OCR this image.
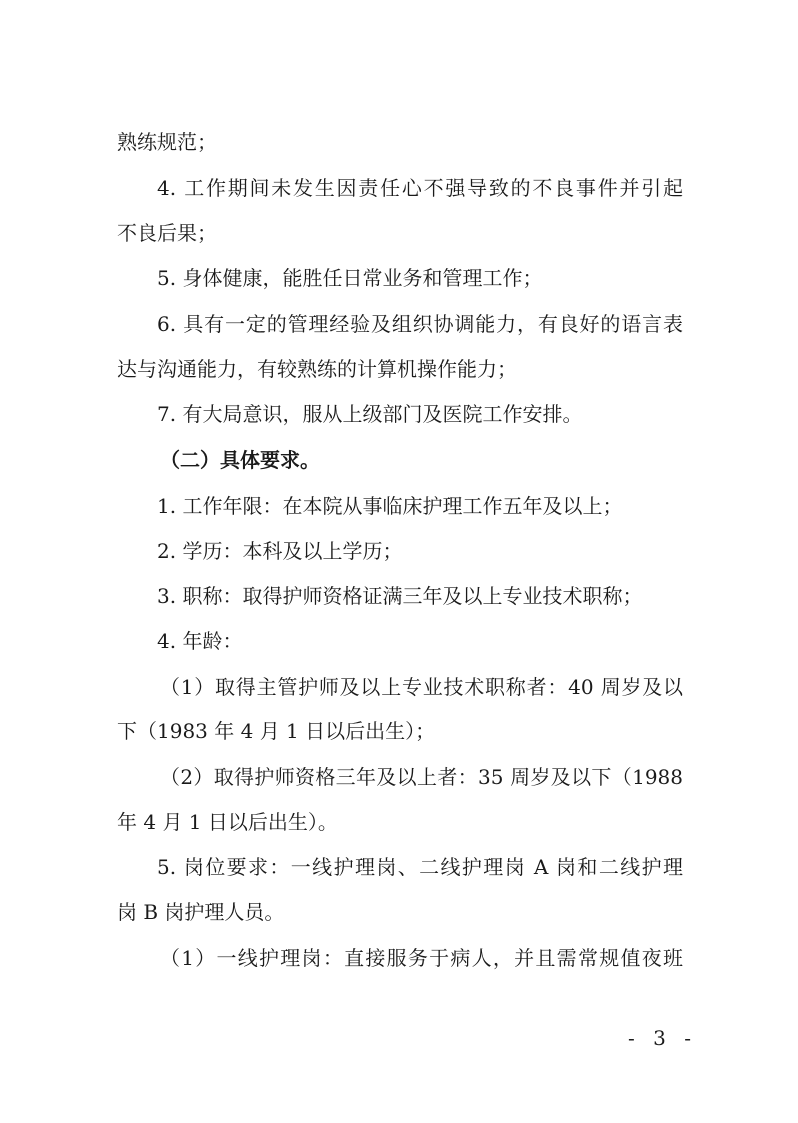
熟练规范；
4. 工作期间未发生因责任心不强导致的不良事件并引起
不良后果；
5. 身体健康，能胜任日常业务和管理工作；
6. 具有一定的管理经验及组织协调能力，有良好的语言表
达与沟通能力，有较熟练的计算机操作能力；
7. 有大局意识，服从上级部门及医院工作安排。
（二）具体要求。
1. 工作年限：在本院从事临床护理工作五年及以上；
2. 学历：本科及以上学历；
3. 职称：取得护师资格证满三年及以上专业技术职称；
4. 年龄：
（1）取得主管护师及以上专业技术职称者：40 周岁及以
下（1983 年 4 月 1 日以后出生）；
（2）取得护师资格三年及以上者：35 周岁及以下（1988
年 4 月 1 日以后出生）。
5. 岗位要求：一线护理岗、二线护理岗 A 岗和二线护理
岗 B 岗护理人员。
（1）一线护理岗：直接服务于病人，并且需常规值夜班
- 3 -
